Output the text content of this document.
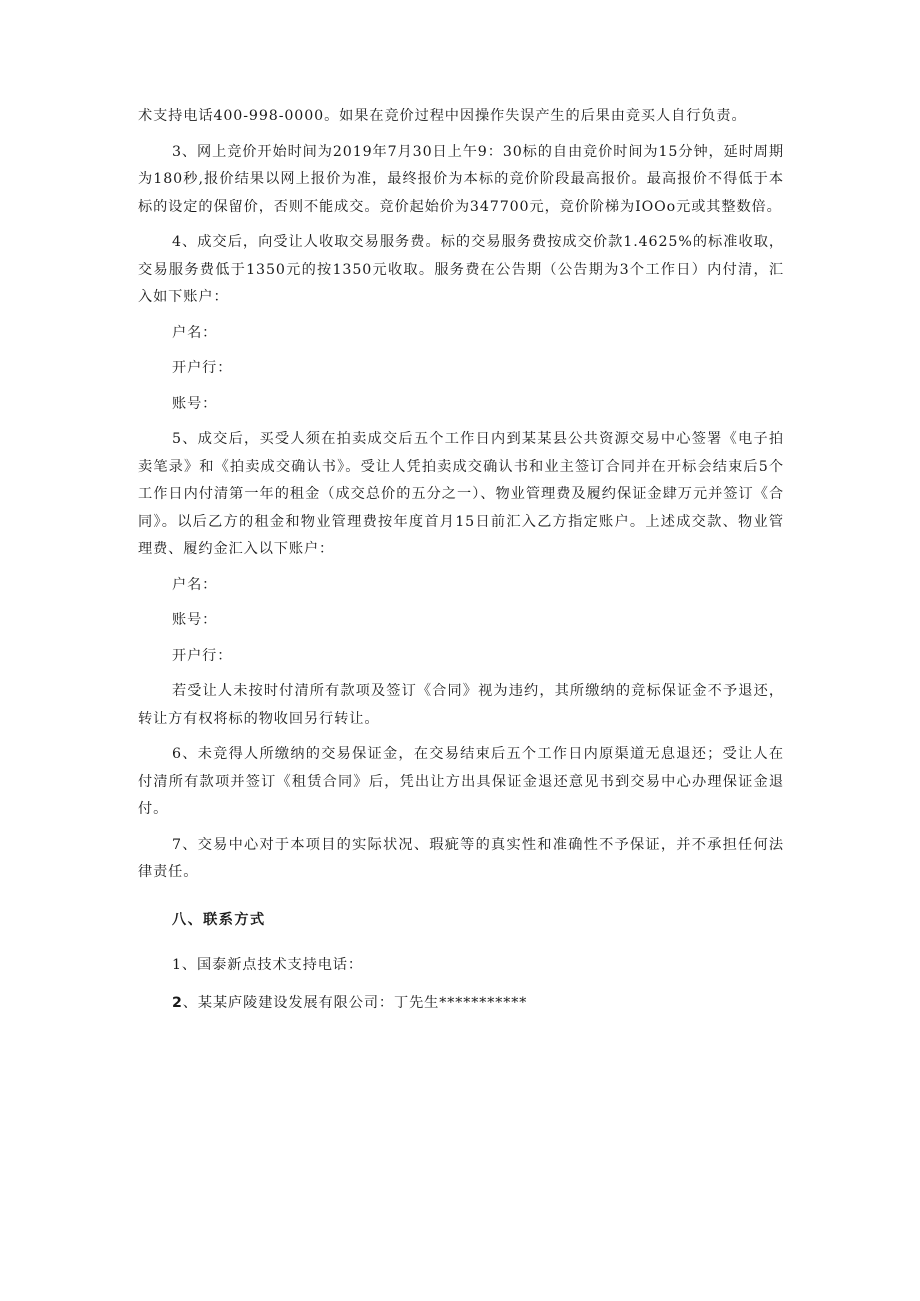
术支持电话400-998-0000。如果在竞价过程中因操作失误产生的后果由竞买人自行负责。

3、网上竞价开始时间为2019年7月30日上午9：30标的自由竞价时间为15分钟，延时周期为180秒,报价结果以网上报价为准，最终报价为本标的竞价阶段最高报价。最高报价不得低于本标的设定的保留价，否则不能成交。竞价起始价为347700元，竞价阶梯为IOOo元或其整数倍。

4、成交后，向受让人收取交易服务费。标的交易服务费按成交价款1.4625%的标准收取，交易服务费低于1350元的按1350元收取。服务费在公告期（公告期为3个工作日）内付清，汇入如下账户：

户名：

开户行：

账号：

5、成交后，买受人须在拍卖成交后五个工作日内到某某县公共资源交易中心签署《电子拍卖笔录》和《拍卖成交确认书》。受让人凭拍卖成交确认书和业主签订合同并在开标会结束后5个工作日内付清第一年的租金（成交总价的五分之一）、物业管理费及履约保证金肆万元并签订《合同》。以后乙方的租金和物业管理费按年度首月15日前汇入乙方指定账户。上述成交款、物业管理费、履约金汇入以下账户：

户名：

账号：

开户行：

若受让人未按时付清所有款项及签订《合同》视为违约，其所缴纳的竞标保证金不予退还，转让方有权将标的物收回另行转让。

6、未竞得人所缴纳的交易保证金，在交易结束后五个工作日内原渠道无息退还；受让人在付清所有款项并签订《租赁合同》后，凭出让方出具保证金退还意见书到交易中心办理保证金退付。

7、交易中心对于本项目的实际状况、瑕疵等的真实性和准确性不予保证，并不承担任何法律责任。

八、联系方式

1、国泰新点技术支持电话：

2、某某庐陵建设发展有限公司：丁先生***********
